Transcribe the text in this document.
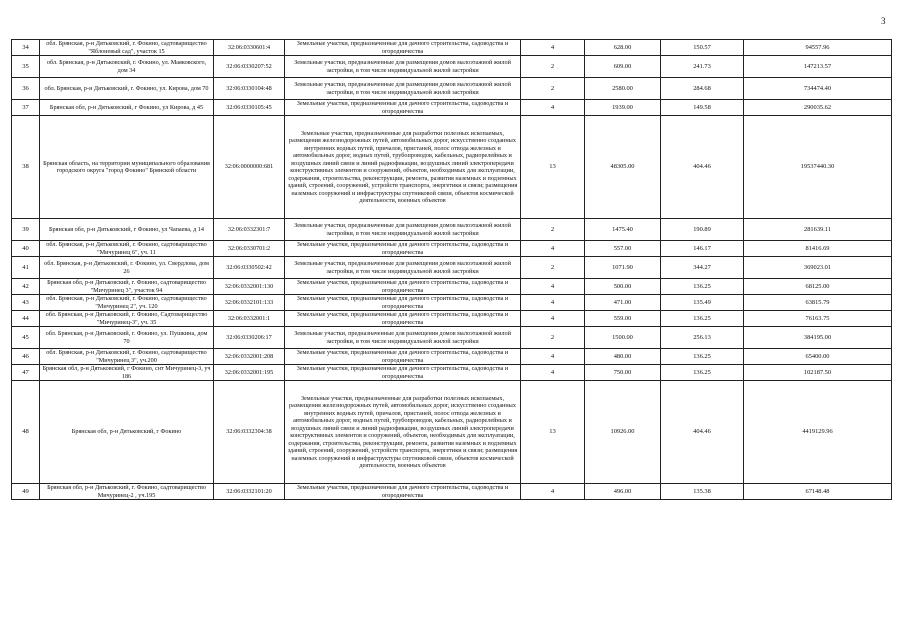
3
34	обл. Брянская, р-н Дятьковский, г. Фокино, садтоварищество "Яблоневый сад", участок 15	32:06:0330601:4	Земельные участки, предназначенные для дачного строительства, садоводства и огородничества	4	628.00	150.57	94557.96
35	обл. Брянская, р-н Дятьковский, г. Фокино, ул. Маяковского, дом 34	32:06:0330207:52	Земельные участки, предназначенные для размещения домов малоэтажной жилой застройки, в том числе индивидуальной жилой застройки	2	609.00	241.73	147213.57
36	обл. Брянская, р-н Дятьковский, г. Фокино, ул. Кирова, дом 70	32:06:0330104:48	Земельные участки, предназначенные для размещения домов малоэтажной жилой застройки, в том числе индивидуальной жилой застройки	2	2580.00	284.68	734474.40
37	Брянская обл, р-н Дятьковский, г Фокино, ул Кирова, д 45	32:06:0330105:45	Земельные участки, предназначенные для дачного строительства, садоводства и огородничества	4	1939.00	149.58	290035.62
38	Брянская область, на территории муниципального образования городского округа "город Фокино" Брянской области	32:06:0000000:681	Земельные участки, предназначенные для разработки полезных ископаемых, размещения железнодорожных путей, автомобильных дорог, искусственно созданных внутренних водных путей, причалов, пристаней, полос отвода железных и автомобильных дорог, водных путей, трубопроводов, кабельных, радиорелейных и воздушных линий связи и линий радиофикации, воздушных линий электропередачи конструктивных элементов и сооружений, объектов, необходимых для эксплуатации, содержания, строительства, реконструкции, ремонта, развития наземных и подземных зданий, строений, сооружений, устройств транспорта, энергетики и связи; размещения наземных сооружений и инфраструктуры спутниковой связи, объектов космической деятельности, военных объектов	13	48305.00	404.46	19537440.30
39	Брянская обл, р-н Дятьковский, г Фокино, ул Чапаева, д 14	32:06:0332301:7	Земельные участки, предназначенные для размещения домов малоэтажной жилой застройки, в том числе индивидуальной жилой застройки	2	1475.40	190.89	281639.11
40	обл. Брянская, р-н Дятьковский, г. Фокино, садтоварищество "Мичуринец 6", уч. 11	32:06:0330701:2	Земельные участки, предназначенные для дачного строительства, садоводства и огородничества	4	557.00	146.17	81416.69
41	обл. Брянская, р-н Дятьковский, г. Фокино, ул. Свердлова, дом 26	32:06:0330502:42	Земельные участки, предназначенные для размещения домов малоэтажной жилой застройки, в том числе индивидуальной жилой застройки	2	1071.90	344.27	369023.01
42	Брянская обл, р-н Дятьковский, г. Фокино, садтоварищество "Мичуринец 3", участок 94	32:06:0332001:130	Земельные участки, предназначенные для дачного строительства, садоводства и огородничества	4	500.00	136.25	68125.00
43	обл. Брянская, р-н Дятьковский, г. Фокино, садтоварищество "Мичуринец 2", уч. 120	32:06:0332101:133	Земельные участки, предназначенные для дачного строительства, садоводства и огородничества	4	471.00	135.49	63815.79
44	обл. Брянская, р-н Дятьковский, г. Фокино, Садтоварищество "Мичуринец-3", уч. 35	32:06:0332001:1	Земельные участки, предназначенные для дачного строительства, садоводства и огородничества	4	559.00	136.25	76163.75
45	обл. Брянская, р-н Дятьковский, г. Фокино, ул. Пушкина, дом 70	32:06:0330206:17	Земельные участки, предназначенные для размещения домов малоэтажной жилой застройки, в том числе индивидуальной жилой застройки	2	1500.00	256.13	384195.00
46	обл. Брянская, р-н Дятьковский, г. Фокино, садтоварищество "Мичуринец 3", уч.200	32:06:0332001:208	Земельные участки, предназначенные для дачного строительства, садоводства и огородничества	4	480.00	136.25	65400.00
47	Брянская обл, р-н Дятьковский, г Фокино, снт Мичуринец-3, уч 186	32:06:0332001:195	Земельные участки, предназначенные для дачного строительства, садоводства и огородничества	4	750.00	136.25	102187.50
48	Брянская обл, р-н Дятьковский, г Фокино	32:06:0332304:38	Земельные участки, предназначенные для разработки полезных ископаемых, размещения железнодорожных путей, автомобильных дорог, искусственно созданных внутренних водных путей, причалов, пристаней, полос отвода железных и автомобильных дорог, водных путей, трубопроводов, кабельных, радиорелейных и воздушных линий связи и линий радиофикации, воздушных линий электропередачи конструктивных элементов и сооружений, объектов, необходимых для эксплуатации, содержания, строительства, реконструкции, ремонта, развития наземных и подземных зданий, строений, сооружений, устройств транспорта, энергетики и связи; размещения наземных сооружений и инфраструктуры спутниковой связи, объектов космической деятельности, военных объектов	13	10926.00	404.46	4419129.96
49	Брянская обл, р-н Дятьковский, г. Фокино, садтоварищество Мичуринец-2 , уч.195	32:06:0332101:20	Земельные участки, предназначенные для дачного строительства, садоводства и огородничества	4	496.00	135.38	67148.48
